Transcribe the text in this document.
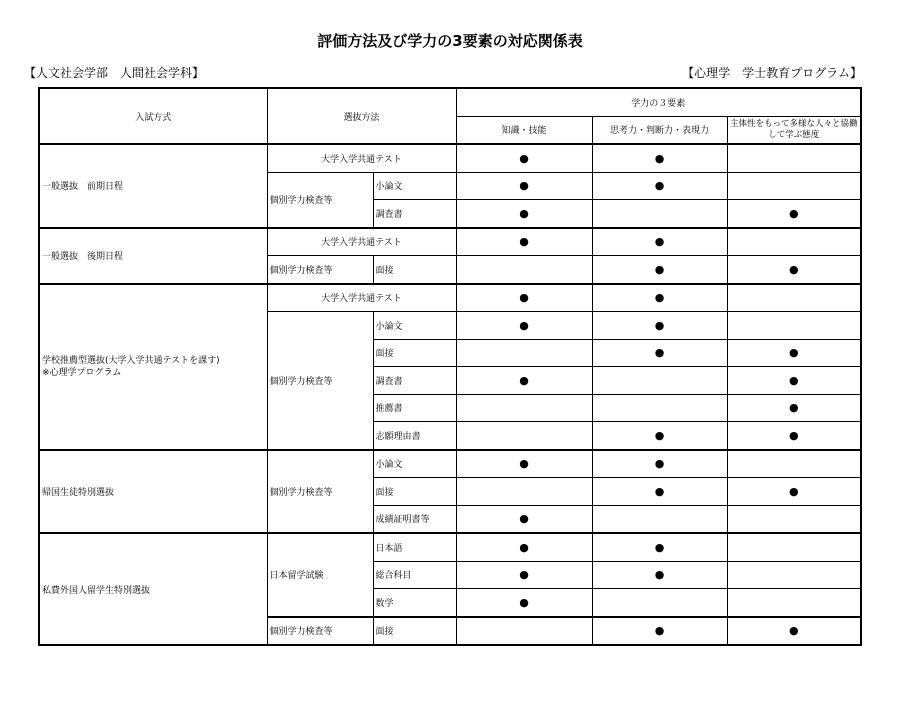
評価方法及び学力の3要素の対応関係表
【人文社会学部　人間社会学科】	【心理学　学士教育プログラム】
入試方式	選抜方法		学力の３要素		
			知識・技能	思考力・判断力・表現力	主体性をもって多様な人々と協働して学ぶ態度
一般選抜　前期日程	大学入学共通テスト		●	●	
	個別学力検査等	小論文	●	●	
		調査書	●		●
一般選抜　後期日程	大学入学共通テスト		●	●	
	個別学力検査等	面接		●	●
学校推薦型選抜(大学入学共通テストを課す)
※心理学プログラム	大学入学共通テスト		●	●	
	個別学力検査等	小論文	●	●	
		面接		●	●
		調査書	●		●
		推薦書			●
		志願理由書		●	●
帰国生徒特別選抜	個別学力検査等	小論文	●	●	
		面接		●	●
		成績証明書等	●		
私費外国人留学生特別選抜	日本留学試験	日本語	●	●	
		総合科目	●	●	
		数学	●		
	個別学力検査等	面接		●	●
